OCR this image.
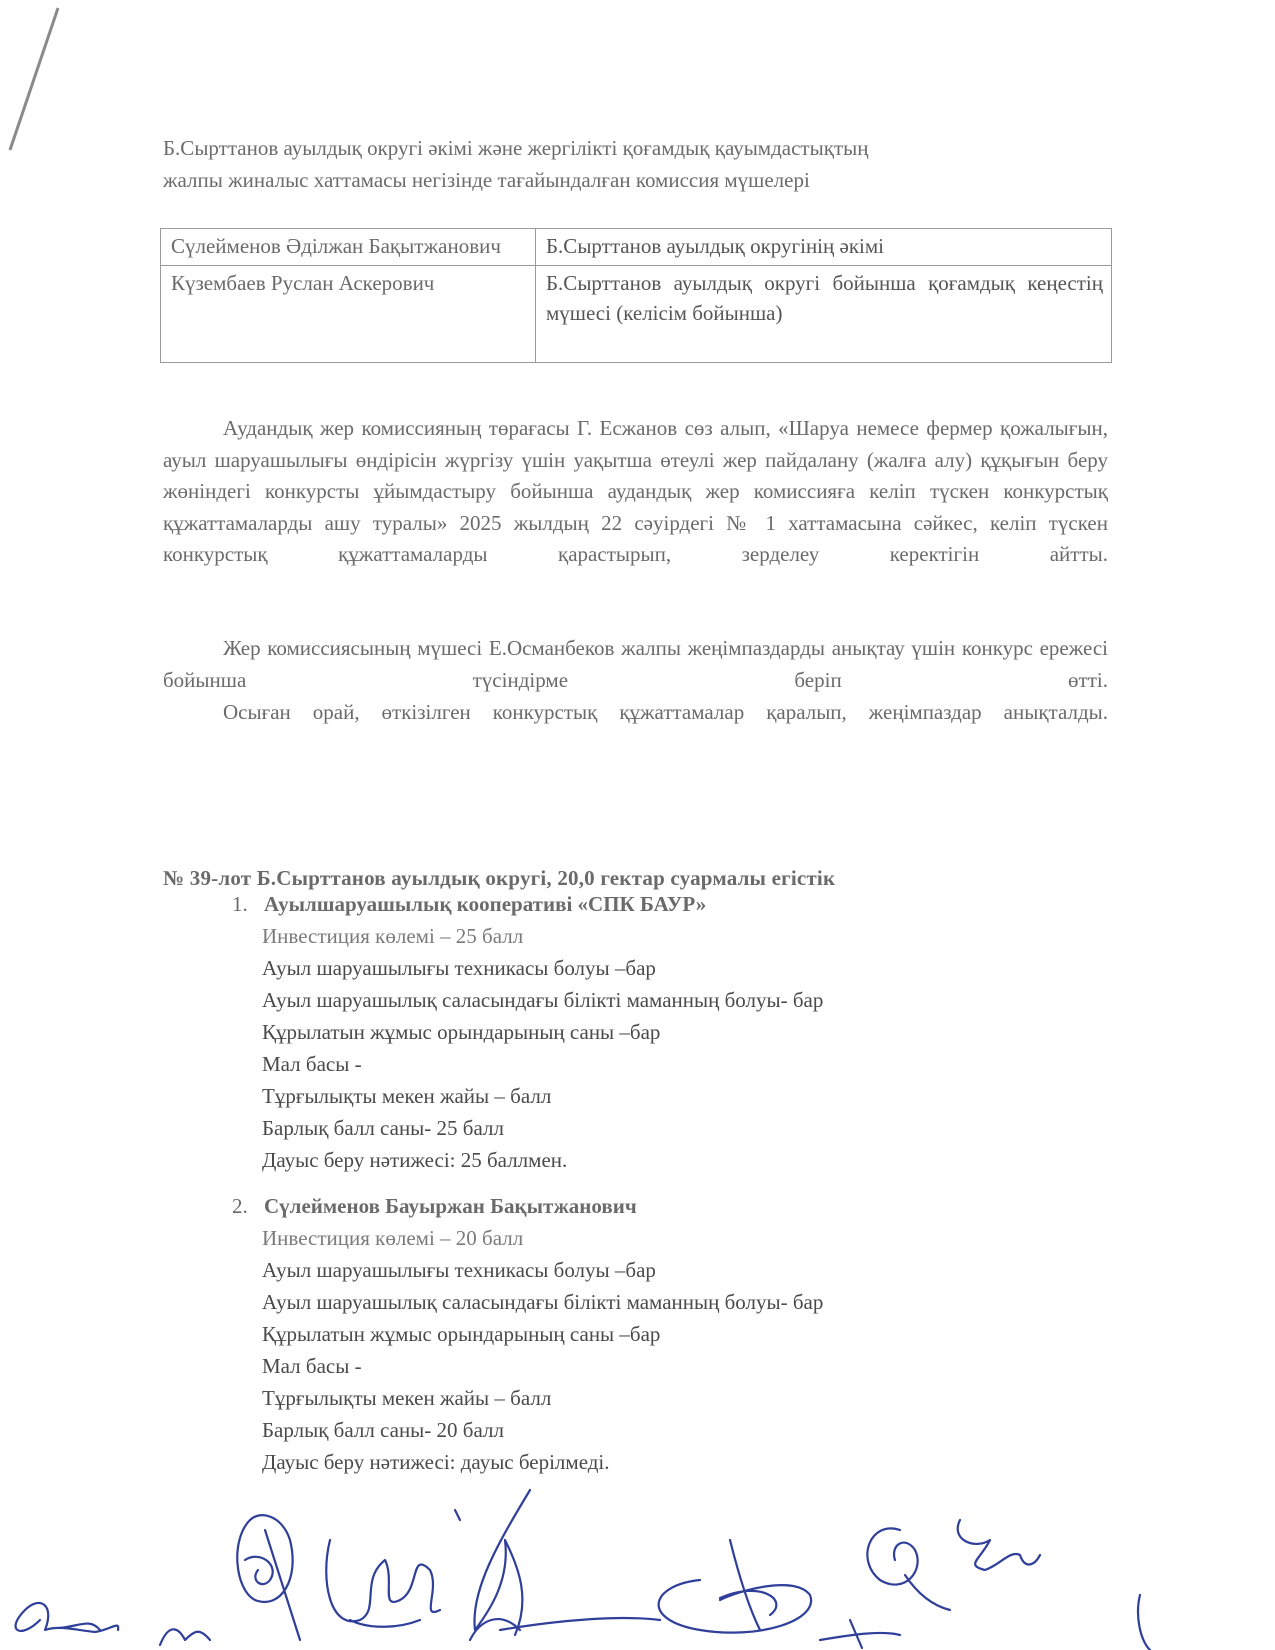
Б.Сырттанов ауылдық округі әкімі және жергілікті қоғамдық қауымдастықтың
жалпы жиналыс хаттамасы негізінде тағайындалған комиссия мүшелері
Сүлейменов Әділжан Бақытжанович	Б.Сырттанов ауылдық округінің әкімі
Күзембаев Руслан Аскерович	Б.Сырттанов ауылдық округі бойынша қоғамдық кеңестің мүшесі (келісім бойынша)
Аудандық жер комиссияның төрағасы Г. Есжанов сөз алып, «Шаруа немесе фермер қожалығын, ауыл шаруашылығы өндірісін жүргізу үшін уақытша өтеулі жер пайдалану (жалға алу) құқығын беру жөніндегі конкурсты ұйымдастыру бойынша аудандық жер комиссияға келіп түскен конкурстық құжаттамаларды ашу туралы» 2025 жылдың 22 сәуірдегі № 1 хаттамасына сәйкес, келіп түскен конкурстық құжаттамаларды қарастырып, зерделеу керектігін айтты.
Жер комиссиясының мүшесі Е.Османбеков жалпы жеңімпаздарды анықтау үшін конкурс ережесі бойынша түсіндірме беріп өтті.
Осыған орай, өткізілген конкурстық құжаттамалар қаралып, жеңімпаздар анықталды.
№ 39-лот Б.Сырттанов ауылдық округі, 20,0 гектар суармалы егістік
1. Ауылшаруашылық кооперативі «СПК БАУР»
Инвестиция көлемі – 25 балл
Ауыл шаруашылығы техникасы болуы –бар
Ауыл шаруашылық саласындағы білікті маманның болуы- бар
Құрылатын жұмыс орындарының саны –бар
Мал басы -
Тұрғылықты мекен жайы – балл
Барлық балл саны- 25 балл
Дауыс беру нәтижесі: 25 баллмен.
2. Сүлейменов Бауыржан Бақытжанович
Инвестиция көлемі – 20 балл
Ауыл шаруашылығы техникасы болуы –бар
Ауыл шаруашылық саласындағы білікті маманның болуы- бар
Құрылатын жұмыс орындарының саны –бар
Мал басы -
Тұрғылықты мекен жайы – балл
Барлық балл саны- 20 балл
Дауыс беру нәтижесі: дауыс берілмеді.
